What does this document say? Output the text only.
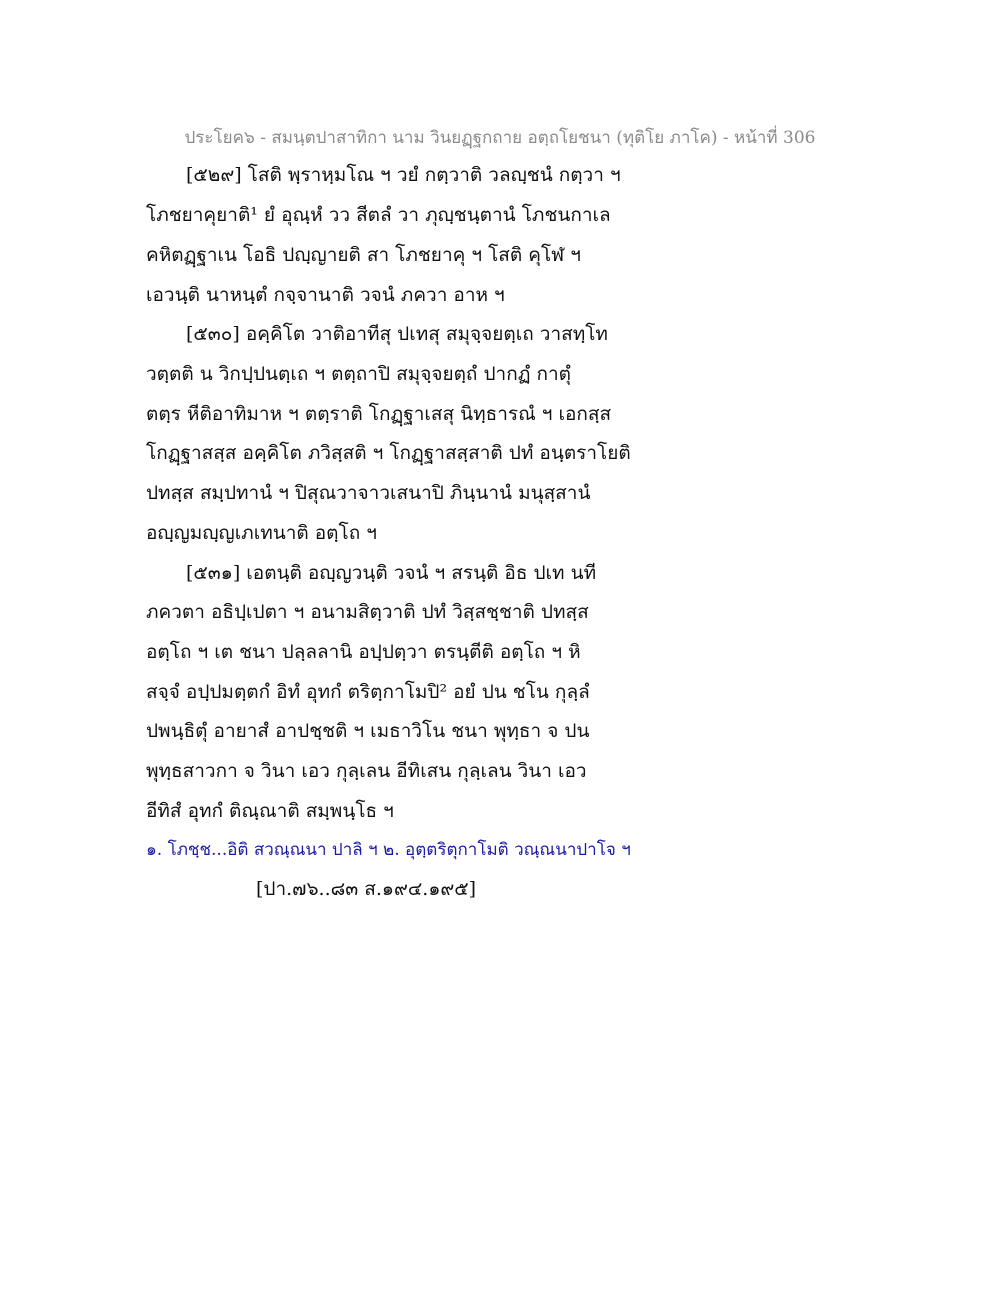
ประโยค๖ - สมนฺตปาสาทิกา นาม วินยฏฺฐกถาย อตฺถโยชนา (ทุติโย ภาโค) - หน้าที่ 306
[๕๒๙] โสติ พฺราหฺมโณ ฯ วยํ กตฺวาติ วลญฺชนํ กตฺวา ฯ
โภชยาคุยาติ¹ ยํ อุณฺหํ วว สีตลํ วา ภุญฺชนฺตานํ โภชนกาเล
คหิตฏฺฐาเน โอธิ ปญฺญายติ สา โภชยาคุ ฯ โสติ คุโฬ ฯ
เอวนฺติ นาหนฺตํ กจฺจานาติ วจนํ ภควา อาห ฯ
[๕๓๐] อคฺคิโต วาติอาทีสุ ปเทสุ สมุจฺจยตฺเถ วาสทฺโท
วตฺตติ น วิกปฺปนตฺเถ ฯ ตตฺถาปิ สมุจฺจยตฺถํ ปากฏํ กาตุํ
ตตฺร หีติอาทิมาห ฯ ตตฺราติ โกฏฺฐาเสสุ นิทฺธารณํ ฯ เอกสฺส
โกฏฺฐาสสฺส อคฺคิโต ภวิสฺสติ ฯ โกฏฺฐาสสฺสาติ ปทํ อนฺตราโยติ
ปทสฺส สมฺปทานํ ฯ ปิสุณวาจาวเสนาปิ ภินฺนานํ มนุสฺสานํ
อญฺญมญฺญเภเทนาติ อตฺโถ ฯ
[๕๓๑] เอตนฺติ อญฺญวนฺติ วจนํ ฯ สรนฺติ อิธ ปเท นที
ภควตา อธิปฺเปตา ฯ อนามสิตฺวาติ ปทํ วิสฺสชฺชาติ ปทสฺส
อตฺโถ ฯ เต ชนา ปลฺลลานิ อปฺปตฺวา ตรนฺตีติ อตฺโถ ฯ หิ
สจฺจํ อปฺปมตฺตกํ อิทํ อุทกํ ตริตฺกาโมปิ² อยํ ปน ชโน กุลฺลํ
ปพนฺธิตุํ อายาสํ อาปชฺชติ ฯ เมธาวิโน ชนา พุทฺธา จ ปน
พุทฺธสาวกา จ วินา เอว กุลฺเลน อีทิเสน กุลฺเลน วินา เอว
อีทิสํ อุทกํ ติณฺณาติ สมฺพนฺโธ ฯ
๑. โภชฺช...อิติ สวณฺณนา ปาลิ ฯ ๒. อุตฺตริตุกาโมติ วณฺณนาปาโจ ฯ
[ปา.๗๖..๘๓ ส.๑๙๔.๑๙๕]
